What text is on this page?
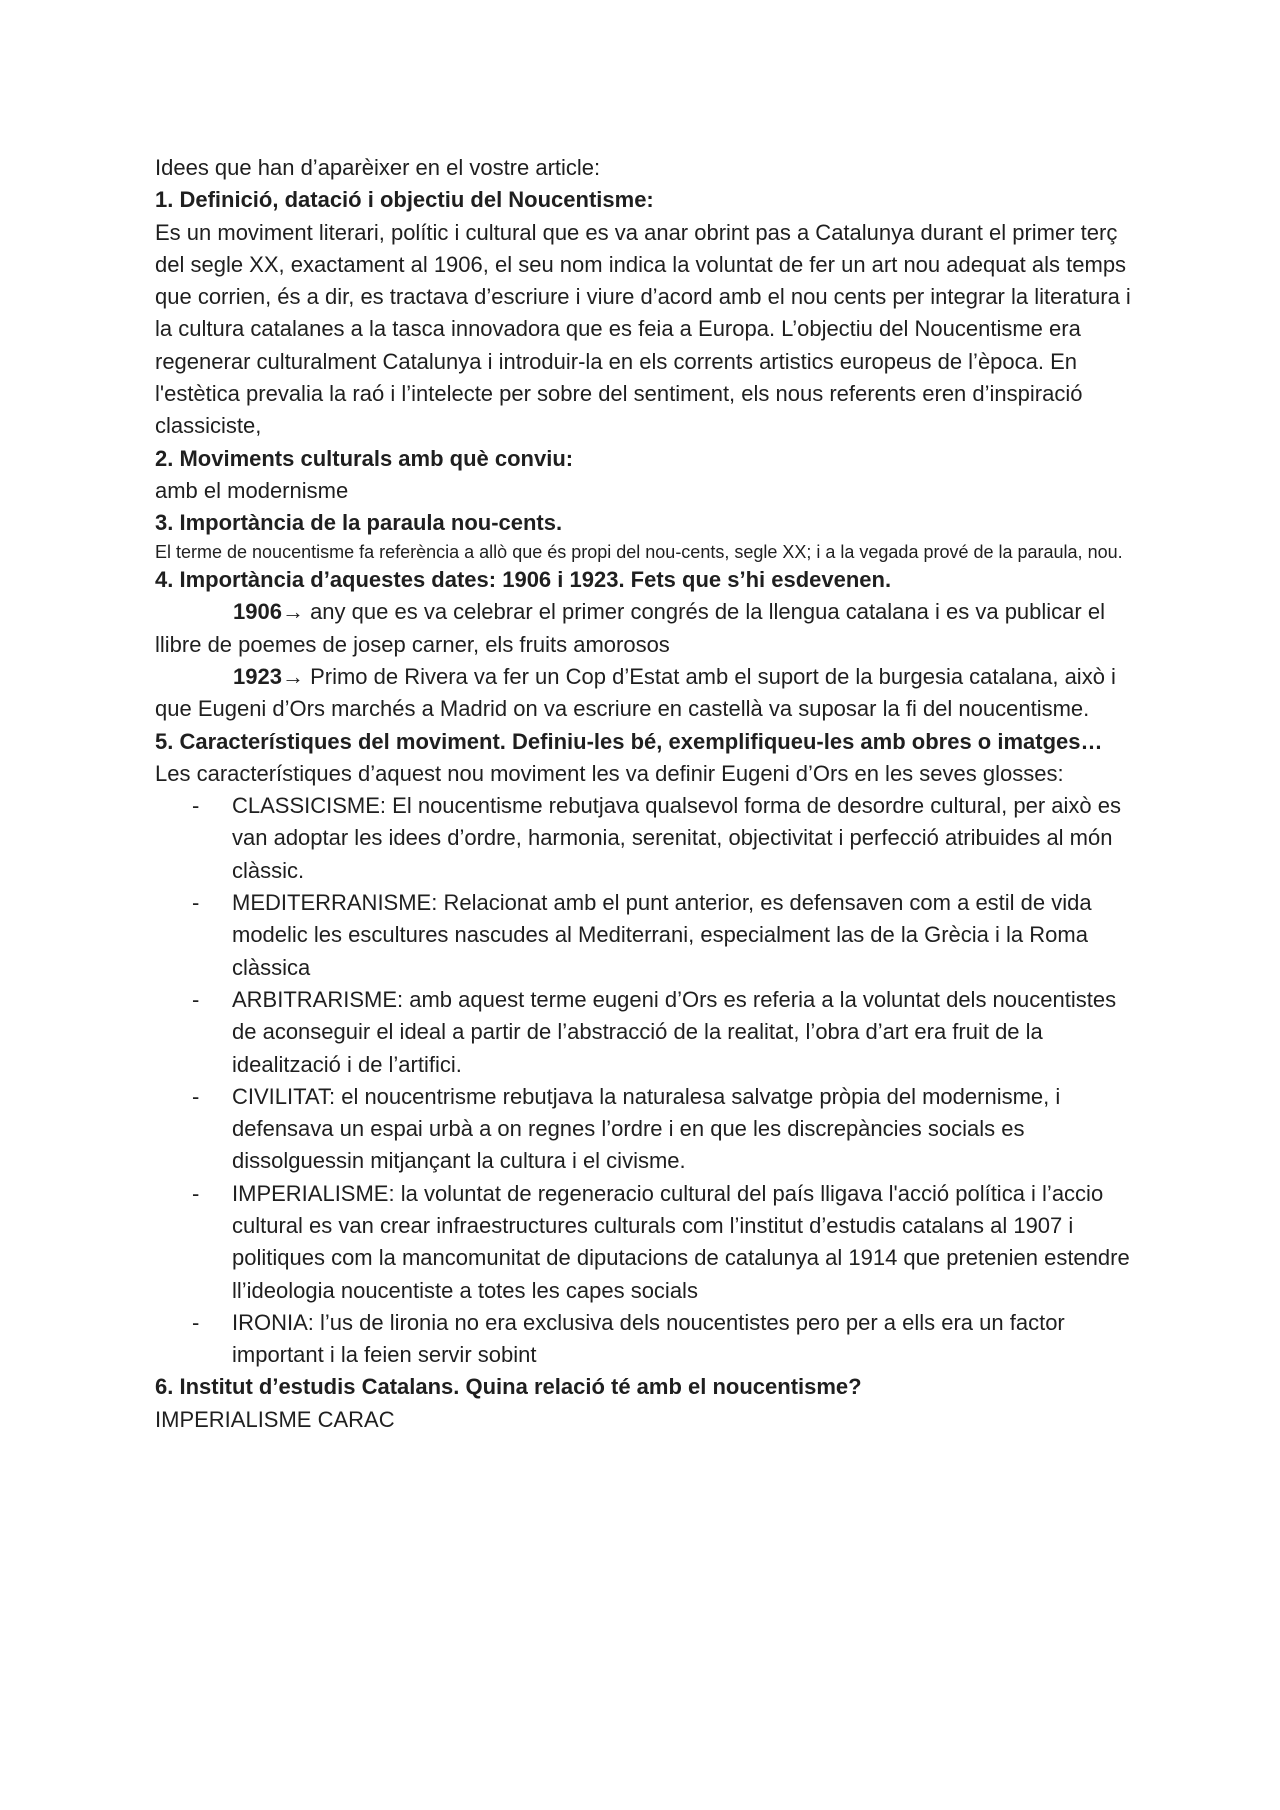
Idees que han d’aparèixer en el vostre article:

1. Definició, datació i objectiu del Noucentisme:

Es un moviment literari, polític i cultural que es va anar obrint pas a Catalunya durant el primer terç del segle XX, exactament al 1906, el seu nom indica la voluntat de fer un art nou adequat als temps que corrien, és a dir, es tractava d’escriure i viure d’acord amb el nou cents per integrar la literatura i la cultura catalanes a la tasca innovadora que es feia a Europa. L’objectiu del Noucentisme era regenerar culturalment Catalunya i introduir-la en els corrents artistics europeus de l’època. En l'estètica prevalia la raó i l’intelecte per sobre del sentiment, els nous referents eren d’inspiració classiciste,

2. Moviments culturals amb què conviu:

amb el modernisme

3. Importància de la paraula nou-cents.

El terme de noucentisme fa referència a allò que és propi del nou-cents, segle XX; i a la vegada prové de la paraula, nou.

4. Importància d’aquestes dates: 1906 i 1923. Fets que s’hi esdevenen.

1906→ any que es va celebrar el primer congrés de la llengua catalana i es va publicar el llibre de poemes de josep carner, els fruits amorosos

1923→ Primo de Rivera va fer un Cop d’Estat amb el suport de la burgesia catalana, això i que Eugeni d’Ors marchés a Madrid on va escriure en castellà va suposar la fi del noucentisme.

5. Característiques del moviment. Definiu-les bé, exemplifiqueu-les amb obres o imatges…

Les característiques d’aquest nou moviment les va definir Eugeni d’Ors en les seves glosses:

- CLASSICISME: El noucentisme rebutjava qualsevol forma de desordre cultural, per això es van adoptar les idees d’ordre, harmonia, serenitat, objectivitat i perfecció atribuides al món clàssic.
- MEDITERRANISME: Relacionat amb el punt anterior, es defensaven com a estil de vida modelic les escultures nascudes al Mediterrani, especialment las de la Grècia i la Roma clàssica
- ARBITRARISME: amb aquest terme eugeni d’Ors es referia a la voluntat dels noucentistes de aconseguir el ideal a partir de l’abstracció de la realitat, l’obra d’art era fruit de la idealització i de l’artifici.
- CIVILITAT: el noucentrisme rebutjava la naturalesa salvatge pròpia del modernisme, i defensava un espai urbà a on regnes l’ordre i en que les discrepàncies socials es dissolguessin mitjançant la cultura i el civisme.
- IMPERIALISME: la voluntat de regeneracio cultural del país lligava l'acció política i l’accio cultural es van crear infraestructures culturals com l’institut d’estudis catalans al 1907 i politiques com la mancomunitat de diputacions de catalunya al 1914 que pretenien estendre ll’ideologia noucentiste a totes les capes socials
- IRONIA: l’us de lironia no era exclusiva dels noucentistes pero per a ells era un factor important i la feien servir sobint

6. Institut d’estudis Catalans. Quina relació té amb el noucentisme?

IMPERIALISME CARAC
